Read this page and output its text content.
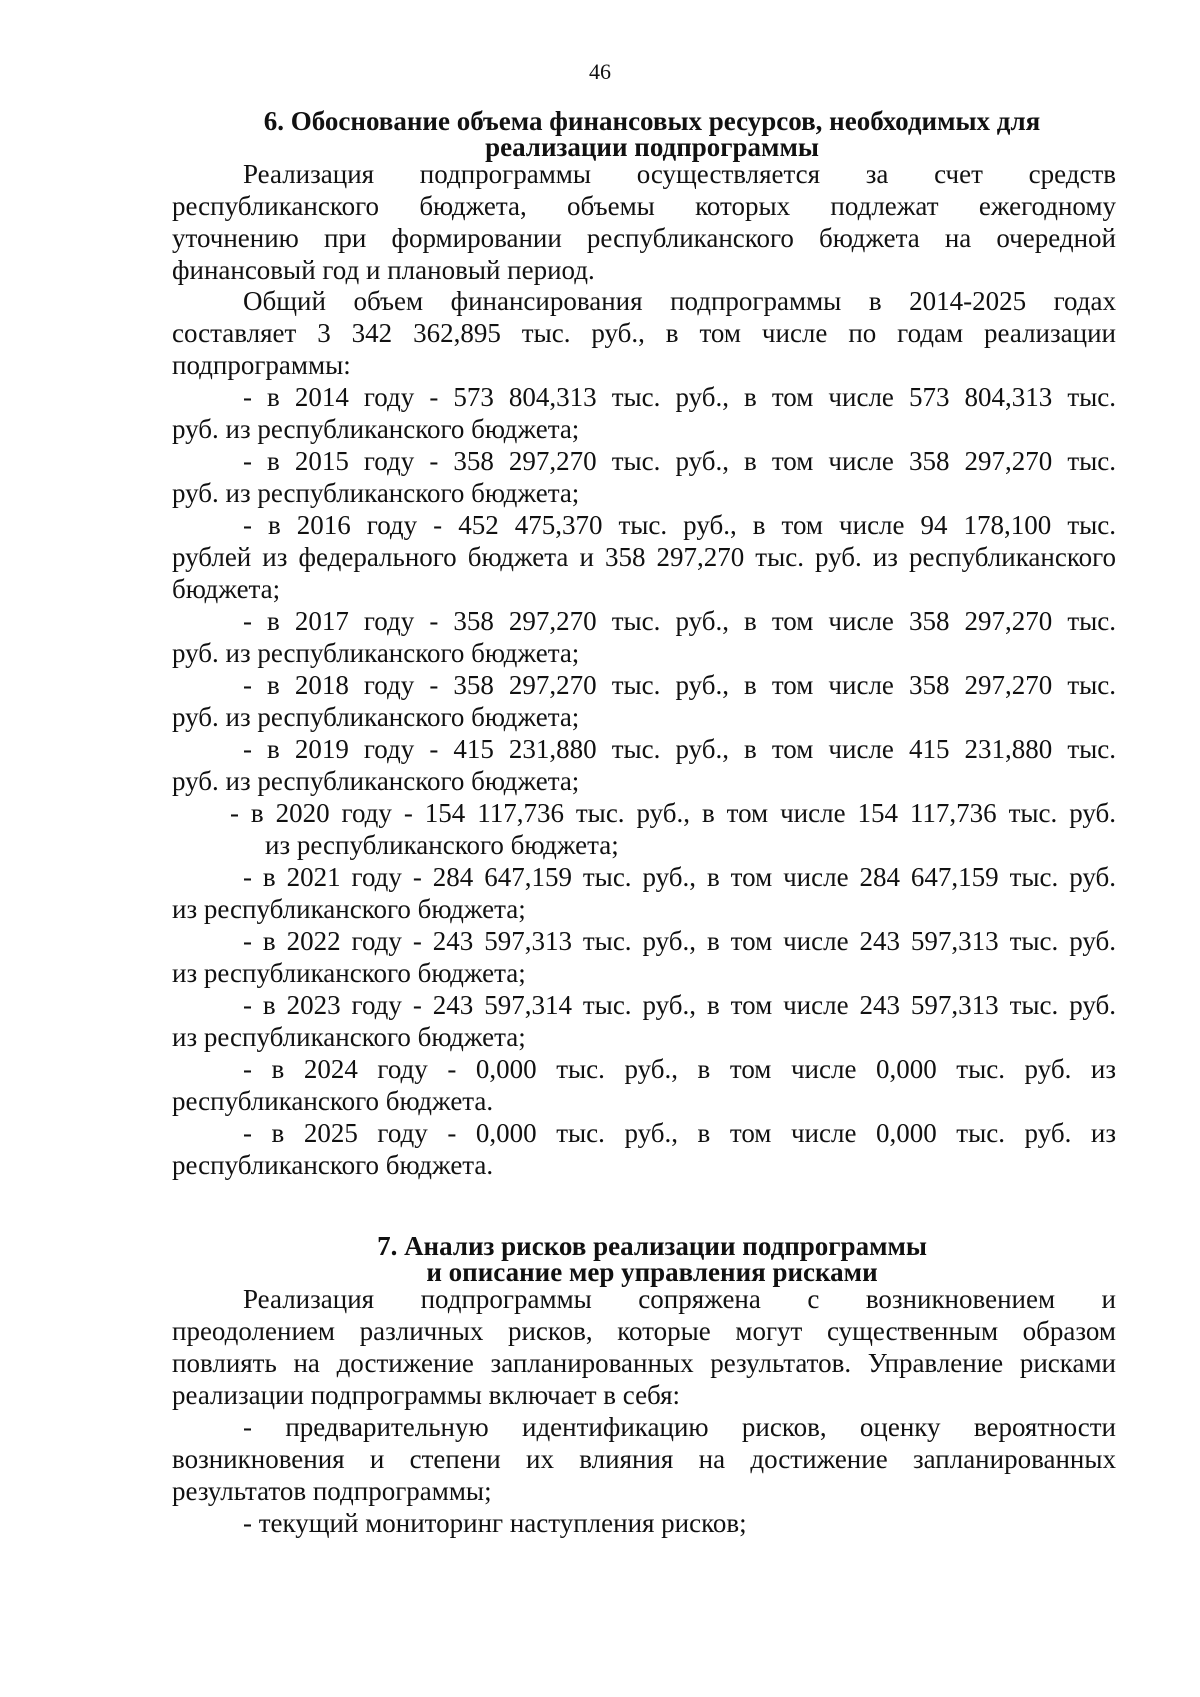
46
6. Обоснование объема финансовых ресурсов, необходимых для
реализации подпрограммы
Реализация подпрограммы осуществляется за счет средств
республиканского бюджета, объемы которых подлежат ежегодному
уточнению при формировании республиканского бюджета на очередной
финансовый год и плановый период.
Общий объем финансирования подпрограммы в 2014-2025 годах
составляет 3 342 362,895 тыс. руб., в том числе по годам реализации
подпрограммы:
- в 2014 году - 573 804,313 тыс. руб., в том числе 573 804,313 тыс.
руб. из республиканского бюджета;
- в 2015 году - 358 297,270 тыс. руб., в том числе 358 297,270 тыс.
руб. из республиканского бюджета;
- в 2016 году - 452 475,370 тыс. руб., в том числе 94 178,100 тыс.
рублей из федерального бюджета и 358 297,270 тыс. руб. из республиканского
бюджета;
- в 2017 году - 358 297,270 тыс. руб., в том числе 358 297,270 тыс.
руб. из республиканского бюджета;
- в 2018 году - 358 297,270 тыс. руб., в том числе 358 297,270 тыс.
руб. из республиканского бюджета;
- в 2019 году - 415 231,880 тыс. руб., в том числе 415 231,880 тыс.
руб. из республиканского бюджета;
- в 2020 году - 154 117,736 тыс. руб., в том числе 154 117,736 тыс. руб.
из республиканского бюджета;
- в 2021 году - 284 647,159 тыс. руб., в том числе 284 647,159 тыс. руб.
из республиканского бюджета;
- в 2022 году - 243 597,313 тыс. руб., в том числе 243 597,313 тыс. руб.
из республиканского бюджета;
- в 2023 году - 243 597,314 тыс. руб., в том числе 243 597,313 тыс. руб.
из республиканского бюджета;
- в 2024 году - 0,000 тыс. руб., в том числе 0,000 тыс. руб. из
республиканского бюджета.
- в 2025 году - 0,000 тыс. руб., в том числе 0,000 тыс. руб. из
республиканского бюджета.
7. Анализ рисков реализации подпрограммы
и описание мер управления рисками
Реализация подпрограммы сопряжена с возникновением и
преодолением различных рисков, которые могут существенным образом
повлиять на достижение запланированных результатов. Управление рисками
реализации подпрограммы включает в себя:
- предварительную идентификацию рисков, оценку вероятности
возникновения и степени их влияния на достижение запланированных
результатов подпрограммы;
- текущий мониторинг наступления рисков;
